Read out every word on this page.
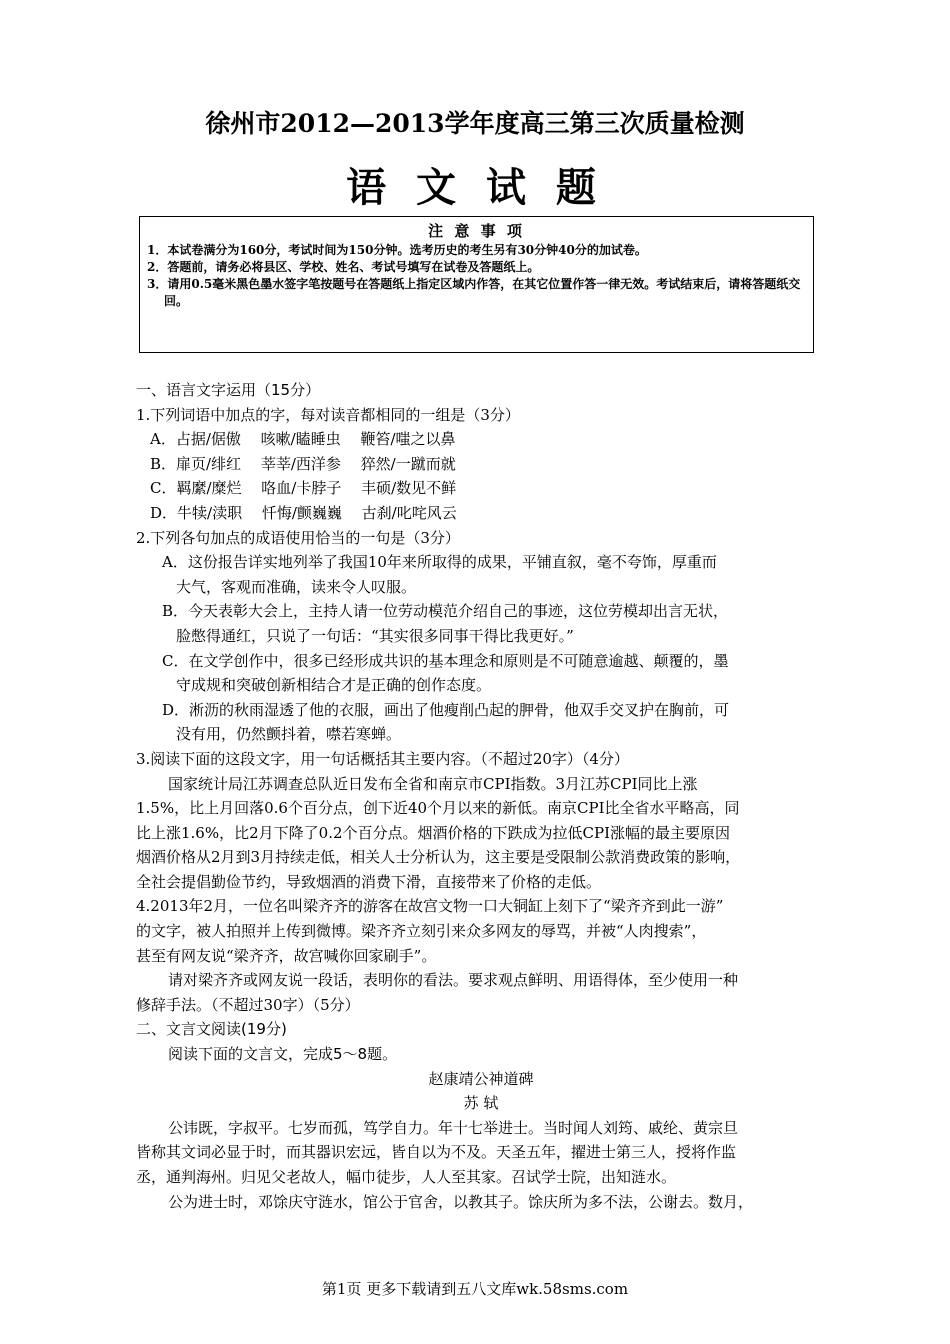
徐州市2012—2013学年度高三第三次质量检测
语 文 试 题
注 意 事 项
1．本试卷满分为160分，考试时间为150分钟。选考历史的考生另有30分钟40分的加试卷。
2．答题前，请务必将县区、学校、姓名、考试号填写在试卷及答题纸上。
3．请用0.5毫米黑色墨水签字笔按题号在答题纸上指定区域内作答，在其它位置作答一律无效。考试结束后，请将答题纸交回。
一、语言文字运用（15分）
1.下列词语中加点的字，每对读音都相同的一组是（3分）
A．占据/倨傲　 咳嗽/瞌睡虫　 鞭笞/嗤之以鼻
B．扉页/绯红　 莘莘/西洋参　 猝然/一蹴而就
C．羁縻/糜烂　 咯血/卡脖子　 丰硕/数见不鲜
D．牛犊/渎职　 忏悔/颤巍巍　 古刹/叱咤风云
2.下列各句加点的成语使用恰当的一句是（3分）
A．这份报告详实地列举了我国10年来所取得的成果，平铺直叙，毫不夸饰，厚重而
大气，客观而准确，读来令人叹服。
B．今天表彰大会上，主持人请一位劳动模范介绍自己的事迹，这位劳模却出言无状，
脸憋得通红，只说了一句话：“其实很多同事干得比我更好。”
C．在文学创作中，很多已经形成共识的基本理念和原则是不可随意逾越、颠覆的，墨
守成规和突破创新相结合才是正确的创作态度。
D．淅沥的秋雨湿透了他的衣服，画出了他瘦削凸起的胛骨，他双手交叉护在胸前，可
没有用，仍然颤抖着，噤若寒蝉。
3.阅读下面的这段文字，用一句话概括其主要内容。（不超过20字）（4分）
国家统计局江苏调查总队近日发布全省和南京市CPI指数。3月江苏CPI同比上涨
1.5%，比上月回落0.6个百分点，创下近40个月以来的新低。南京CPI比全省水平略高，同
比上涨1.6%，比2月下降了0.2个百分点。烟酒价格的下跌成为拉低CPI涨幅的最主要原因
烟酒价格从2月到3月持续走低，相关人士分析认为，这主要是受限制公款消费政策的影响，
全社会提倡勤俭节约，导致烟酒的消费下滑，直接带来了价格的走低。
4.2013年2月，一位名叫梁齐齐的游客在故宫文物一口大铜缸上刻下了“梁齐齐到此一游”
的文字，被人拍照并上传到微博。梁齐齐立刻引来众多网友的辱骂，并被“人肉搜索”，
甚至有网友说“梁齐齐，故宫喊你回家刷手”。
请对梁齐齐或网友说一段话，表明你的看法。要求观点鲜明、用语得体，至少使用一种
修辞手法。（不超过30字）（5分）
二、文言文阅读(19分)
阅读下面的文言文，完成5～8题。
赵康靖公神道碑
苏 轼
公讳既，字叔平。七岁而孤，笃学自力。年十七举进士。当时闻人刘筠、戚纶、黄宗旦
皆称其文词必显于时，而其器识宏远，皆自以为不及。天圣五年，擢进士第三人，授将作监
丞，通判海州。归见父老故人，幅巾徒步，人人至其家。召试学士院，出知涟水。
公为进士时，邓馀庆守涟水，馆公于官舍，以教其子。馀庆所为多不法，公谢去。数月，
第1页 更多下载请到五八文库wk.58sms.com
